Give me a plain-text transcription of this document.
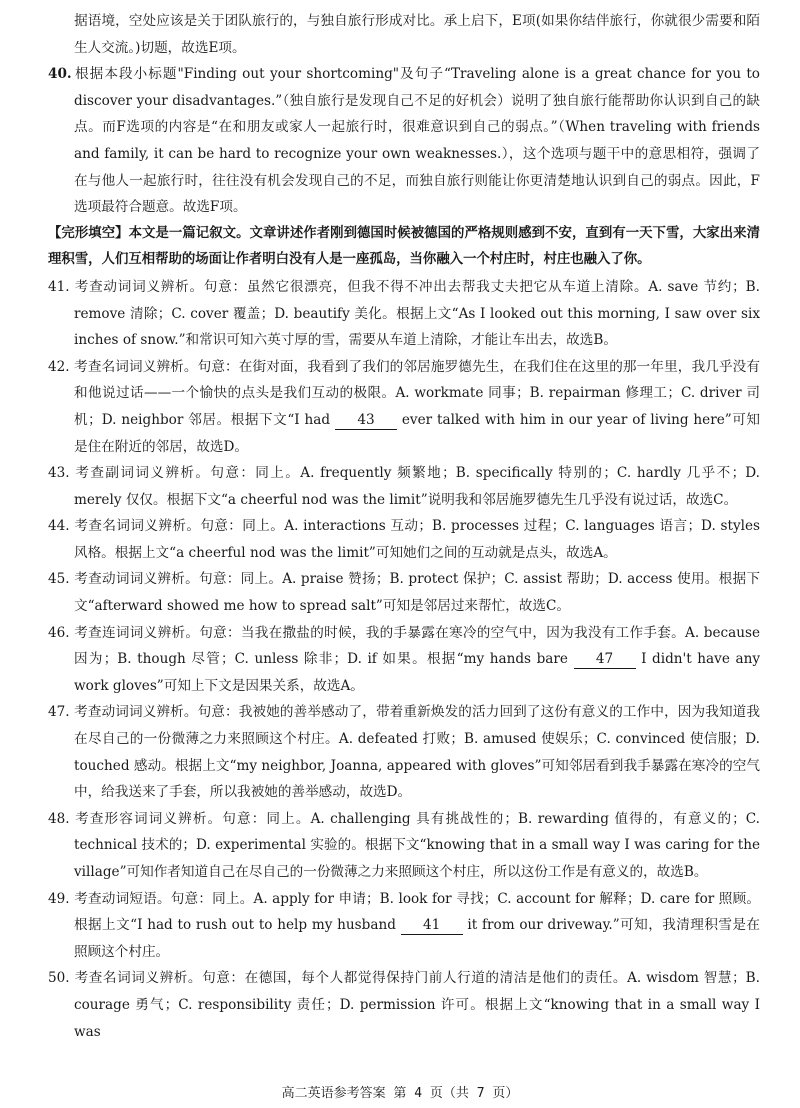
据语境，空处应该是关于团队旅行的，与独自旅行形成对比。承上启下，E项(如果你结伴旅行，你就很少需要和陌生人交流。)切题，故选E项。

40. 根据本段小标题"Finding out your shortcoming"及句子“Traveling alone is a great chance for you to discover your disadvantages.”（独自旅行是发现自己不足的好机会）说明了独自旅行能帮助你认识到自己的缺点。而F选项的内容是“在和朋友或家人一起旅行时，很难意识到自己的弱点。”（When traveling with friends and family, it can be hard to recognize your own weaknesses.），这个选项与题干中的意思相符，强调了在与他人一起旅行时，往往没有机会发现自己的不足，而独自旅行则能让你更清楚地认识到自己的弱点。因此，F选项最符合题意。故选F项。

【完形填空】本文是一篇记叙文。文章讲述作者刚到德国时候被德国的严格规则感到不安，直到有一天下雪，大家出来清理积雪，人们互相帮助的场面让作者明白没有人是一座孤岛，当你融入一个村庄时，村庄也融入了你。

41. 考查动词词义辨析。句意：虽然它很漂亮，但我不得不冲出去帮我丈夫把它从车道上清除。A. save 节约；B. remove 清除；C. cover 覆盖；D. beautify 美化。根据上文“As I looked out this morning, I saw over six inches of snow.”和常识可知六英寸厚的雪，需要从车道上清除，才能让车出去，故选B。

42. 考查名词词义辨析。句意：在街对面，我看到了我们的邻居施罗德先生，在我们住在这里的那一年里，我几乎没有和他说过话——一个愉快的点头是我们互动的极限。A. workmate 同事；B. repairman 修理工；C. driver 司机；D. neighbor 邻居。根据下文“I had 43 ever talked with him in our year of living here”可知是住在附近的邻居，故选D。

43. 考查副词词义辨析。句意：同上。A. frequently 频繁地；B. specifically 特别的；C. hardly 几乎不；D. merely 仅仅。根据下文“a cheerful nod was the limit”说明我和邻居施罗德先生几乎没有说过话，故选C。

44. 考查名词词义辨析。句意：同上。A. interactions 互动；B. processes 过程；C. languages 语言；D. styles 风格。根据上文“a cheerful nod was the limit”可知她们之间的互动就是点头，故选A。

45. 考查动词词义辨析。句意：同上。A. praise 赞扬；B. protect 保护；C. assist 帮助；D. access 使用。根据下文“afterward showed me how to spread salt”可知是邻居过来帮忙，故选C。

46. 考查连词词义辨析。句意：当我在撒盐的时候，我的手暴露在寒冷的空气中，因为我没有工作手套。A. because 因为；B. though 尽管；C. unless 除非；D. if 如果。根据“my hands bare 47 I didn't have any work gloves”可知上下文是因果关系，故选A。

47. 考查动词词义辨析。句意：我被她的善举感动了，带着重新焕发的活力回到了这份有意义的工作中，因为我知道我在尽自己的一份微薄之力来照顾这个村庄。A. defeated 打败；B. amused 使娱乐；C. convinced 使信服；D. touched 感动。根据上文“my neighbor, Joanna, appeared with gloves”可知邻居看到我手暴露在寒冷的空气中，给我送来了手套，所以我被她的善举感动，故选D。

48. 考查形容词词义辨析。句意：同上。A. challenging 具有挑战性的；B. rewarding 值得的，有意义的；C. technical 技术的；D. experimental 实验的。根据下文“knowing that in a small way I was caring for the village”可知作者知道自己在尽自己的一份微薄之力来照顾这个村庄，所以这份工作是有意义的，故选B。

49. 考查动词短语。句意：同上。A. apply for 申请；B. look for 寻找；C. account for 解释；D. care for 照顾。根据上文“I had to rush out to help my husband 41 it from our driveway.”可知，我清理积雪是在照顾这个村庄。

50. 考查名词词义辨析。句意：在德国，每个人都觉得保持门前人行道的清洁是他们的责任。A. wisdom 智慧；B. courage 勇气；C. responsibility 责任；D. permission 许可。根据上文“knowing that in a small way I was

高二英语参考答案 第 4 页（共 7 页）
